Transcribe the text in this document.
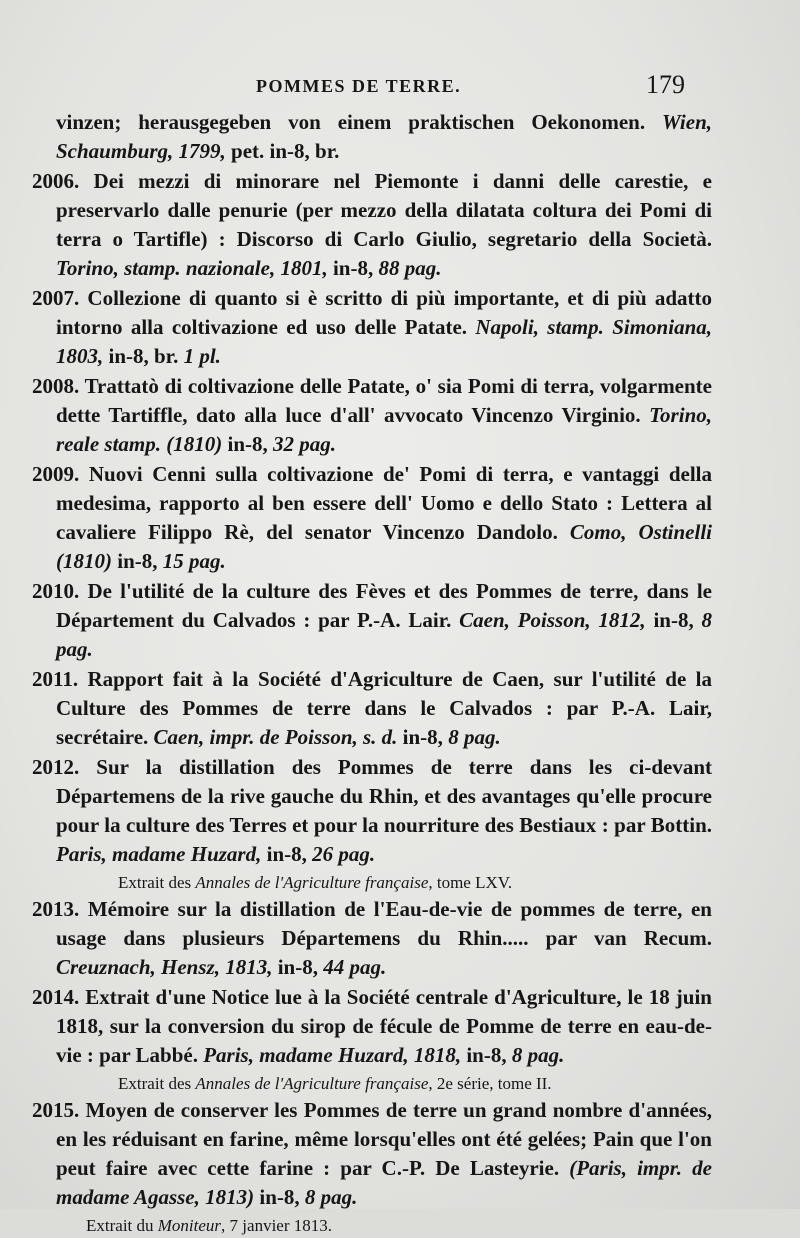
POMMES DE TERRE.	179

vinzen; herausgegeben von einem praktischen Oekonomen. Wien, Schaumburg, 1799, pet. in-8, br.

2006. Dei mezzi di minorare nel Piemonte i danni delle carestie, e preservarlo dalle penurie (per mezzo della dilatata coltura dei Pomi di terra o Tartifle) : Discorso di Carlo Giulio, segretario della Società. Torino, stamp. nazionale, 1801, in-8, 88 pag.

2007. Collezione di quanto si è scritto di più importante, et di più adatto intorno alla coltivazione ed uso delle Patate. Napoli, stamp. Simoniana, 1803, in-8, br. 1 pl.

2008. Trattatò di coltivazione delle Patate, o' sia Pomi di terra, volgarmente dette Tartiffle, dato alla luce d'all' avvocato Vincenzo Virginio. Torino, reale stamp. (1810) in-8, 32 pag.

2009. Nuovi Cenni sulla coltivazione de' Pomi di terra, e vantaggi della medesima, rapporto al ben essere dell' Uomo e dello Stato : Lettera al cavaliere Filippo Rè, del senator Vincenzo Dandolo. Como, Ostinelli (1810) in-8, 15 pag.

2010. De l'utilité de la culture des Fèves et des Pommes de terre, dans le Département du Calvados : par P.-A. Lair. Caen, Poisson, 1812, in-8, 8 pag.

2011. Rapport fait à la Société d'Agriculture de Caen, sur l'utilité de la Culture des Pommes de terre dans le Calvados : par P.-A. Lair, secrétaire. Caen, impr. de Poisson, s. d. in-8, 8 pag.

2012. Sur la distillation des Pommes de terre dans les ci-devant Départemens de la rive gauche du Rhin, et des avantages qu'elle procure pour la culture des Terres et pour la nourriture des Bestiaux : par Bottin. Paris, madame Huzard, in-8, 26 pag.

Extrait des Annales de l'Agriculture française, tome LXV.

2013. Mémoire sur la distillation de l'Eau-de-vie de pommes de terre, en usage dans plusieurs Départemens du Rhin..... par van Recum. Creuznach, Hensz, 1813, in-8, 44 pag.

2014. Extrait d'une Notice lue à la Société centrale d'Agriculture, le 18 juin 1818, sur la conversion du sirop de fécule de Pomme de terre en eau-de-vie : par Labbé. Paris, madame Huzard, 1818, in-8, 8 pag.

Extrait des Annales de l'Agriculture française, 2e série, tome II.

2015. Moyen de conserver les Pommes de terre un grand nombre d'années, en les réduisant en farine, même lorsqu'elles ont été gelées; Pain que l'on peut faire avec cette farine : par C.-P. De Lasteyrie. (Paris, impr. de madame Agasse, 1813) in-8, 8 pag.

Extrait du Moniteur, 7 janvier 1813.
